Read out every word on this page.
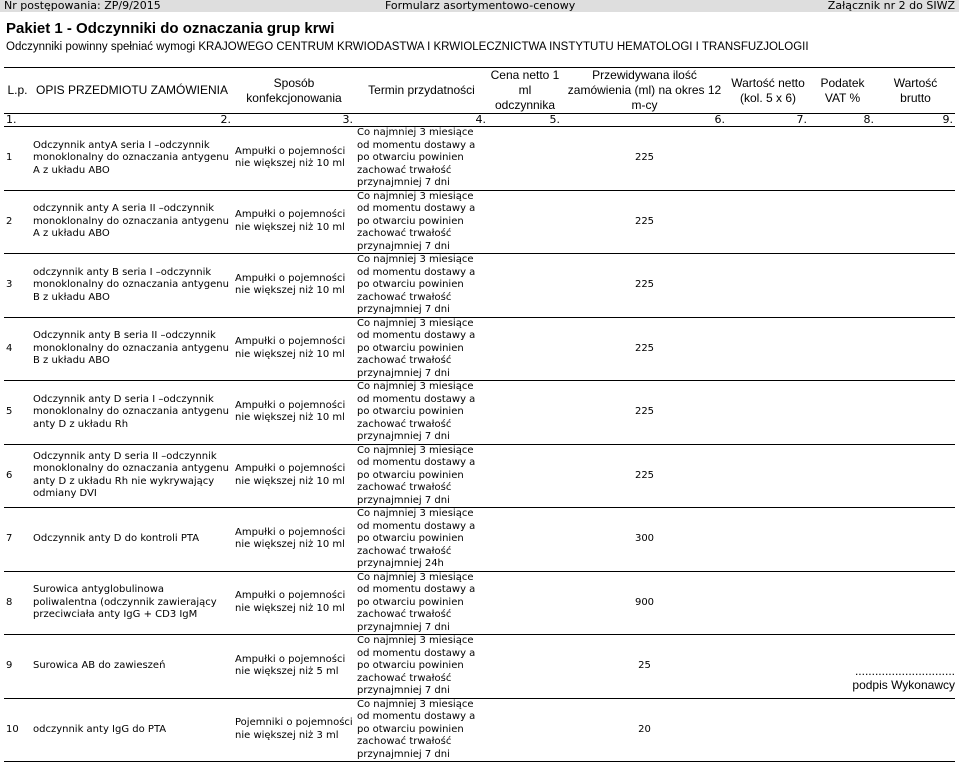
Nr postępowania: ZP/9/2015	Formularz asortymentowo-cenowy	Załącznik nr 2 do SIWZ
Pakiet 1 - Odczynniki do oznaczania grup krwi
Odczynniki powinny spełniać wymogi KRAJOWEGO CENTRUM KRWIODASTWA I KRWIOLECZNICTWA INSTYTUTU HEMATOLOGI I TRANSFUZJOLOGII
L.p.	OPIS PRZEDMIOTU ZAMÓWIENIA	Sposób konfekcjonowania	Termin przydatności	Cena netto 1 ml odczynnika	Przewidywana ilość zamówienia (ml) na okres 12 m-cy	Wartość netto (kol. 5 x 6)	Podatek VAT %	Wartość brutto
1.	2.	3.	4.	5.	6.	7.	8.	9.
1	Odczynnik antyA seria I –odczynnik monoklonalny do oznaczania antygenu A z układu ABO	Ampułki o pojemności nie większej niż 10 ml	Co najmniej 3 miesiące od momentu dostawy a po otwarciu powinien zachować trwałość przynajmniej 7 dni		225			
2	odczynnik anty A seria II –odczynnik monoklonalny do oznaczania antygenu A z układu ABO	Ampułki o pojemności nie większej niż 10 ml	Co najmniej 3 miesiące od momentu dostawy a po otwarciu powinien zachować trwałość przynajmniej 7 dni		225			
3	odczynnik anty B seria I –odczynnik monoklonalny do oznaczania antygenu B z układu ABO	Ampułki o pojemności nie większej niż 10 ml	Co najmniej 3 miesiące od momentu dostawy a po otwarciu powinien zachować trwałość przynajmniej 7 dni		225			
4	Odczynnik anty B seria II –odczynnik monoklonalny do oznaczania antygenu B z układu ABO	Ampułki o pojemności nie większej niż 10 ml	Co najmniej 3 miesiące od momentu dostawy a po otwarciu powinien zachować trwałość przynajmniej 7 dni		225			
5	Odczynnik anty D seria I –odczynnik monoklonalny do oznaczania antygenu anty D z układu Rh	Ampułki o pojemności nie większej niż 10 ml	Co najmniej 3 miesiące od momentu dostawy a po otwarciu powinien zachować trwałość przynajmniej 7 dni		225			
6	Odczynnik anty D seria II –odczynnik monoklonalny do oznaczania antygenu anty D z układu Rh nie wykrywający odmiany DVI	Ampułki o pojemności nie większej niż 10 ml	Co najmniej 3 miesiące od momentu dostawy a po otwarciu powinien zachować trwałość przynajmniej 7 dni		225			
7	Odczynnik anty D do kontroli PTA	Ampułki o pojemności nie większej niż 10 ml	Co najmniej 3 miesiące od momentu dostawy a po otwarciu powinien zachować trwałość przynajmniej 24h		300			
8	Surowica antyglobulinowa poliwalentna (odczynnik zawierający przeciwciała anty IgG + CD3 IgM	Ampułki o pojemności nie większej niż 10 ml	Co najmniej 3 miesiące od momentu dostawy a po otwarciu powinien zachować trwałość przynajmniej 7 dni		900			
9	Surowica AB do zawieszeń	Ampułki o pojemności nie większej niż 5 ml	Co najmniej 3 miesiące od momentu dostawy a po otwarciu powinien zachować trwałość przynajmniej 7 dni		25			
10	odczynnik anty IgG do PTA	Pojemniki o pojemności nie większej niż 3 ml	Co najmniej 3 miesiące od momentu dostawy a po otwarciu powinien zachować trwałość przynajmniej 7 dni		20			
..............................
podpis Wykonawcy
